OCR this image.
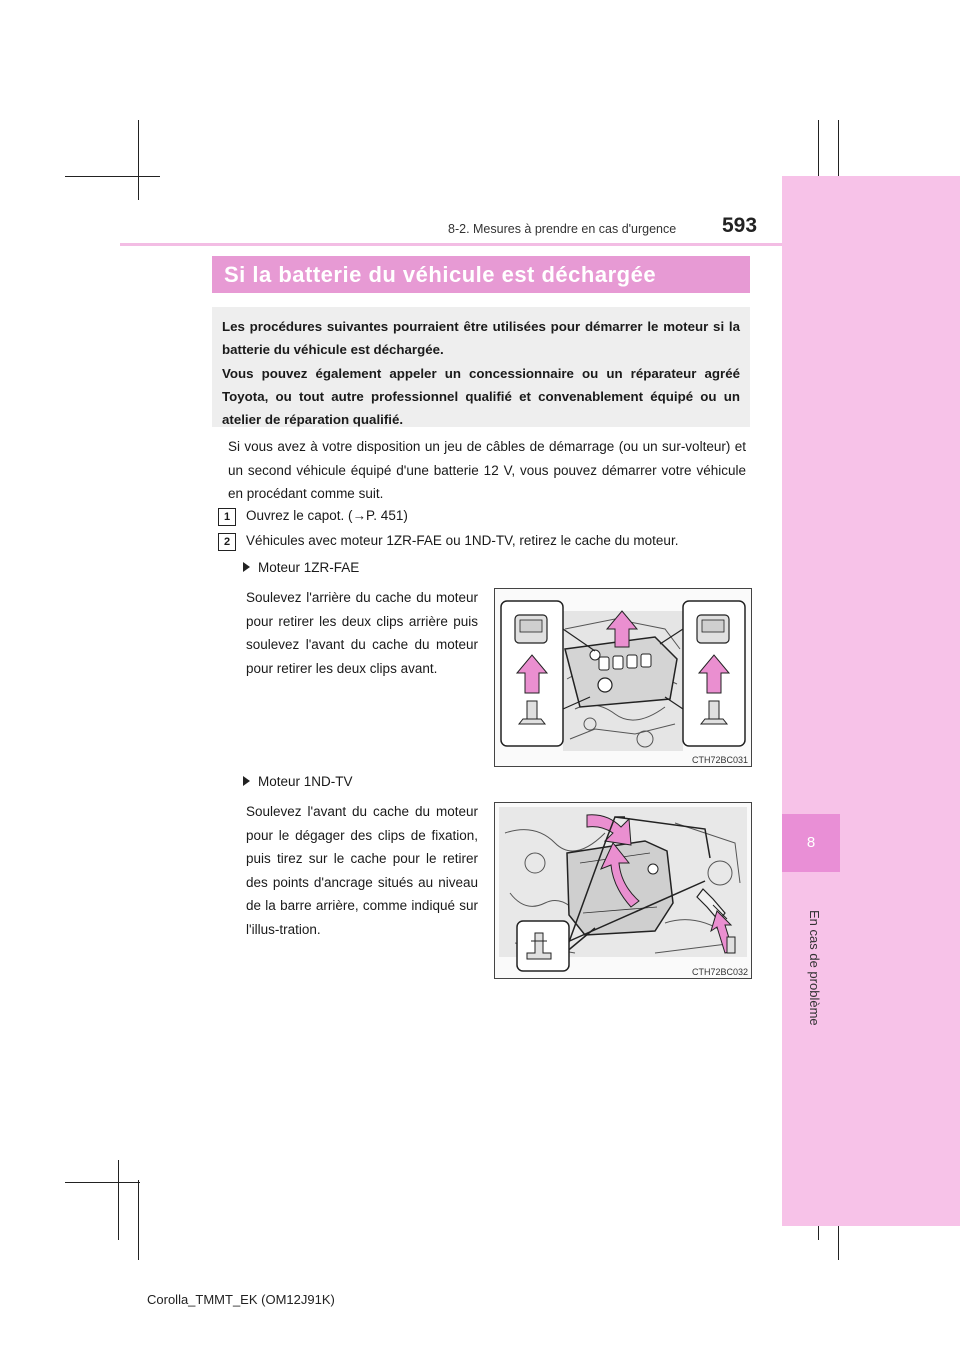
8
En cas de problème
8-2. Mesures à prendre en cas d'urgence 593
Si la batterie du véhicule est déchargée

Les procédures suivantes pourraient être utilisées pour démarrer le moteur si la batterie du véhicule est déchargée.

Vous pouvez également appeler un concessionnaire ou un réparateur agréé Toyota, ou tout autre professionnel qualifié et convenablement équipé ou un atelier de réparation qualifié.

Si vous avez à votre disposition un jeu de câbles de démarrage (ou un sur-volteur) et un second véhicule équipé d'une batterie 12 V, vous pouvez démarrer votre véhicule en procédant comme suit.

1	Ouvrez le capot. (→P. 451)
2	Véhicules avec moteur 1ZR-FAE ou 1ND-TV, retirez le cache du moteur.
Moteur 1ZR-FAE

Soulevez l'arrière du cache du moteur pour retirer les deux clips arrière puis soulevez l'avant du cache du moteur pour retirer les deux clips avant.

CTH72BC031
Moteur 1ND-TV

Soulevez l'avant du cache du moteur pour le dégager des clips de fixation, puis tirez sur le cache pour le retirer des points d'ancrage situés au niveau de la barre arrière, comme indiqué sur l'illus-tration.

CTH72BC032
Corolla_TMMT_EK (OM12J91K)
